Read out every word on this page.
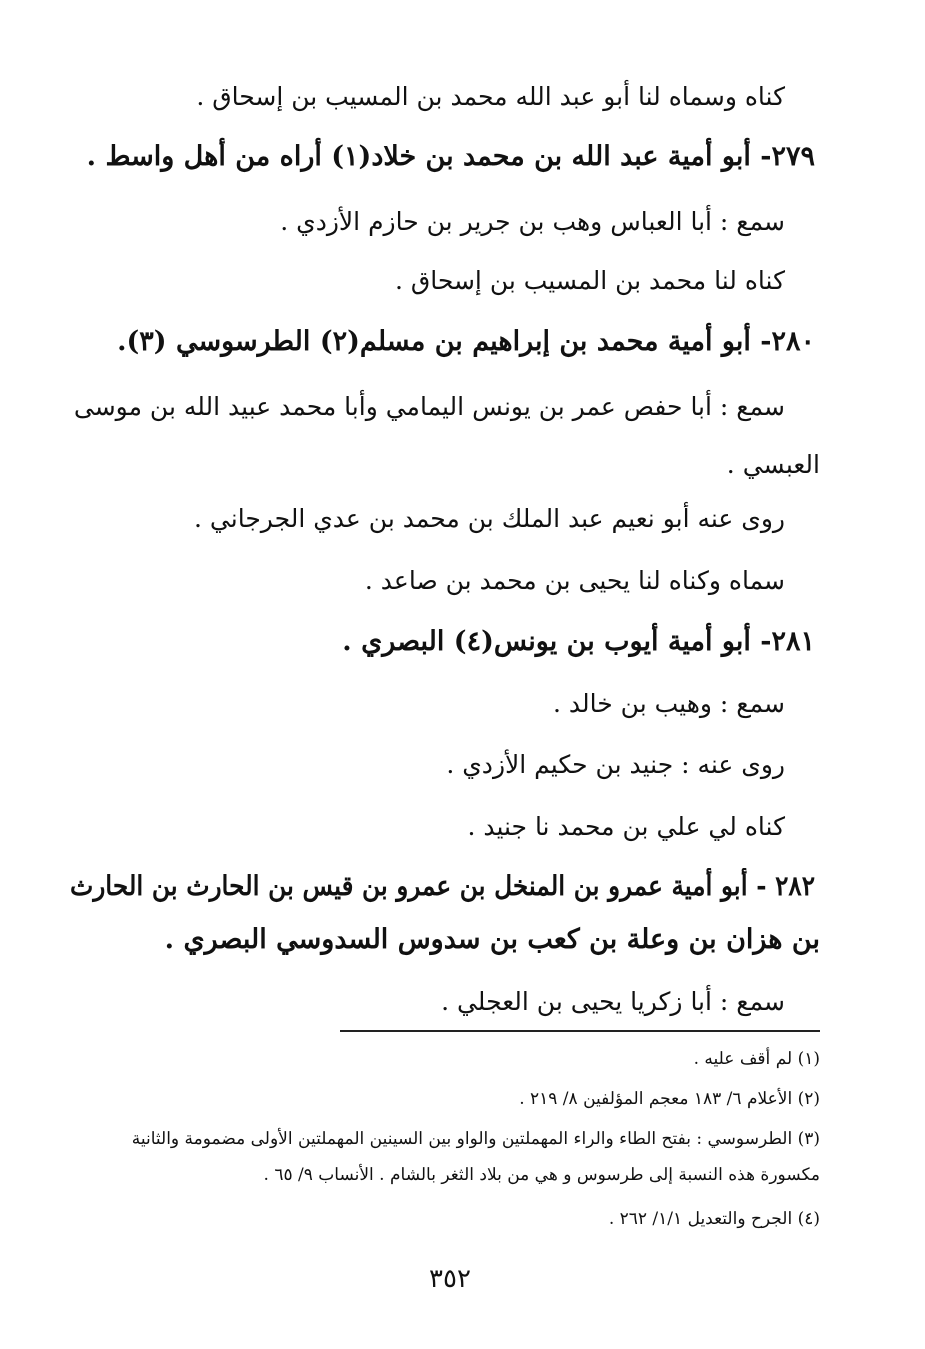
كناه وسماه لنا أبو عبد الله محمد بن المسيب بن إسحاق .
٢٧٩- أبو أمية عبد الله بن محمد بن خلاد(١) أراه من أهل واسط .
سمع : أبا العباس وهب بن جرير بن حازم الأزدي .
كناه لنا محمد بن المسيب بن إسحاق .
٢٨٠- أبو أمية محمد بن إبراهيم بن مسلم(٢) الطرسوسي (٣).
سمع : أبا حفص عمر بن يونس اليمامي وأبا محمد عبيد الله بن موسى
العبسي .
روى عنه أبو نعيم عبد الملك بن محمد بن عدي الجرجاني .
سماه وكناه لنا يحيى بن محمد بن صاعد .
٢٨١- أبو أمية أيوب بن يونس(٤) البصري .
سمع : وهيب بن خالد .
روى عنه : جنيد بن حكيم الأزدي .
كناه لي علي بن محمد نا جنيد .
٢٨٢ - أبو أمية عمرو بن المنخل بن عمرو بن قيس بن الحارث بن الحارث
بن هزان بن وعلة بن كعب بن سدوس السدوسي البصري .
سمع : أبا زكريا يحيى بن العجلي .
(١) لم أقف عليه .
(٢) الأعلام ٦/ ١٨٣ معجم المؤلفين ٨/ ٢١٩ .
(٣) الطرسوسي : بفتح الطاء والراء المهملتين والواو بين السينين المهملتين الأولى مضمومة والثانية
مكسورة هذه النسبة إلى طرسوس و هي من بلاد الثغر بالشام . الأنساب ٩/ ٦٥ .
(٤) الجرح والتعديل ١/١/ ٢٦٢ .
٣٥٢
